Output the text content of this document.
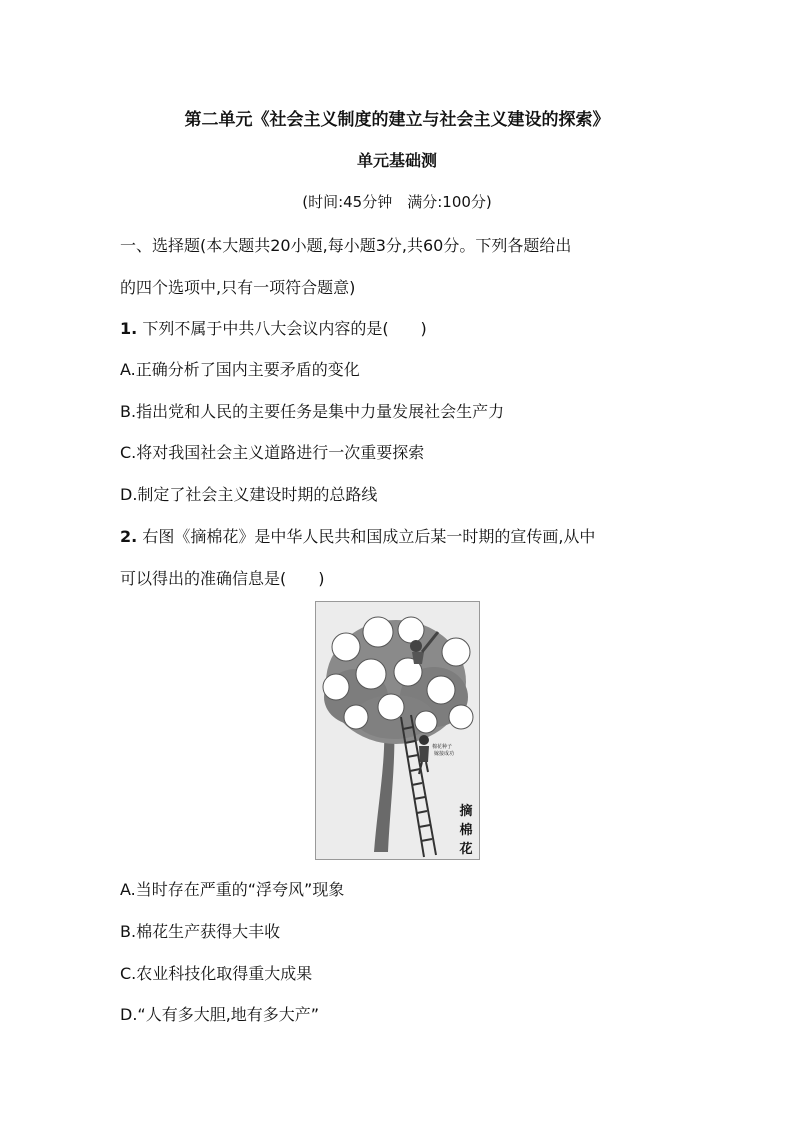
第二单元《社会主义制度的建立与社会主义建设的探索》
单元基础测
(时间:45分钟　满分:100分)
一、选择题(本大题共20小题,每小题3分,共60分。下列各题给出
的四个选项中,只有一项符合题意)
1. 下列不属于中共八大会议内容的是(　　)
A.正确分析了国内主要矛盾的变化
B.指出党和人民的主要任务是集中力量发展社会生产力
C.将对我国社会主义道路进行一次重要探索
D.制定了社会主义建设时期的总路线
2. 右图《摘棉花》是中华人民共和国成立后某一时期的宣传画,从中
可以得出的准确信息是(　　)
棉花种子
嫁接成功
摘
棉
花
A.当时存在严重的“浮夸风”现象
B.棉花生产获得大丰收
C.农业科技化取得重大成果
D.“人有多大胆,地有多大产”
